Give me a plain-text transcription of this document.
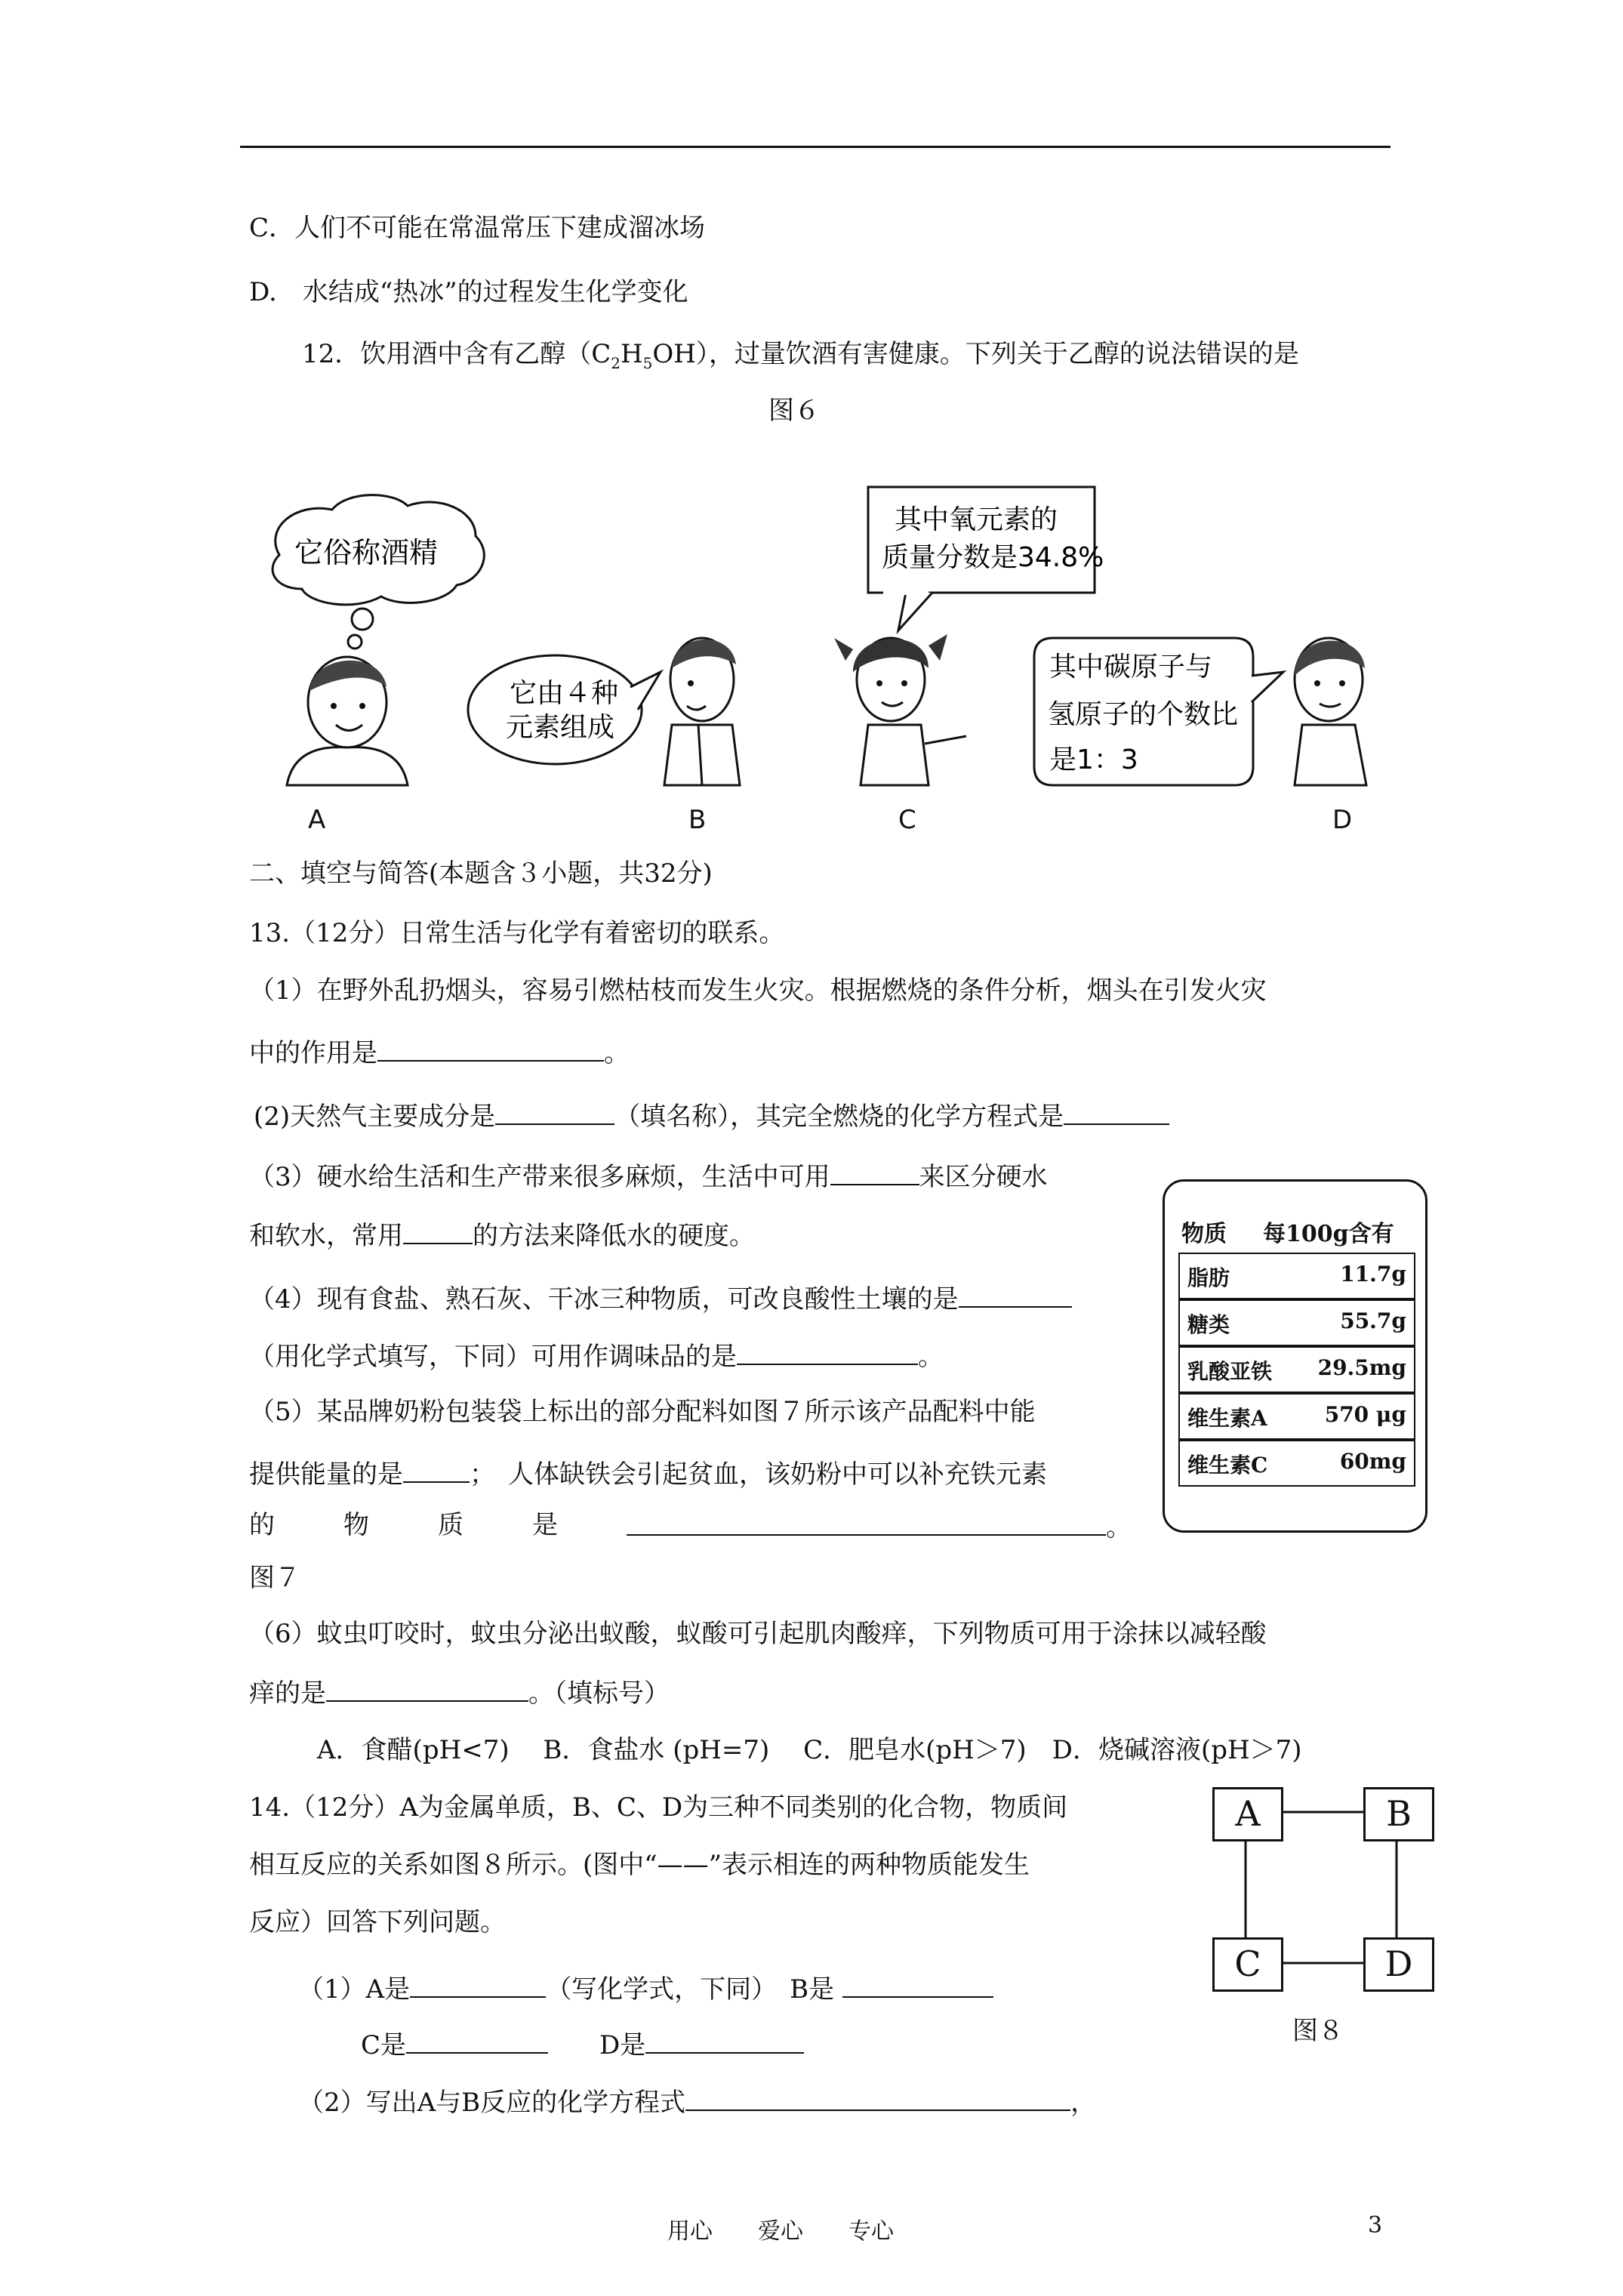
C．人们不可能在常温常压下建成溜冰场
D.　水结成“热冰”的过程发生化学变化
12．饮用酒中含有乙醇$(C_2H_5OH)$，过量饮酒有害健康。下列关于乙醇的说法错误的是
图６
它俗称酒精
它由４种
元素组成
其中氧元素的
质量分数是34.8%
其中碳原子与
氢原子的个数比
是1：3
A	B	C	D
二、填空与简答(本题含３小题，共32分)
13.（12分）日常生活与化学有着密切的联系。
（1）在野外乱扔烟头，容易引燃枯枝而发生火灾。根据燃烧的条件分析，烟头在引发火灾
中的作用是	。
(2)天然气主要成分是	（填名称），其完全燃烧的化学方程式是
（3）硬水给生活和生产带来很多麻烦，生活中可用	来区分硬水
和软水，常用	的方法来降低水的硬度。
（4）现有食盐、熟石灰、干冰三种物质，可改良酸性土壤的是
（用化学式填写，下同）可用作调味品的是	。
（5）某品牌奶粉包装袋上标出的部分配料如图７所示该产品配料中能
提供能量的是	；　人体缺铁会引起贫血，该奶粉中可以补充铁元素
的	物	质	是	。
图７
物质 每100g含有
脂肪	11.7g
糖类	55.7g
乳酸亚铁 29.5mg
维生素A	570 μg
维生素C	60mg
（6）蚊虫叮咬时，蚊虫分泌出蚁酸，蚁酸可引起肌肉酸痒，下列物质可用于涂抹以减轻酸
痒的是	。（填标号）
A．食醋(pH<7)　 B．食盐水 (pH=7)　 C．肥皂水(pH＞7)　D．烧碱溶液(pH＞7)
14.（12分）A为金属单质，B、C、D为三种不同类别的化合物，物质间
相互反应的关系如图８所示。(图中“——”表示相连的两种物质能发生
反应）回答下列问题。
（1）A是	（写化学式，下同）　B是
C是　　	D是
（2）写出A与B反应的化学方程式	，
A	B
C	D
图８
用心　　爱心　　专心	3
